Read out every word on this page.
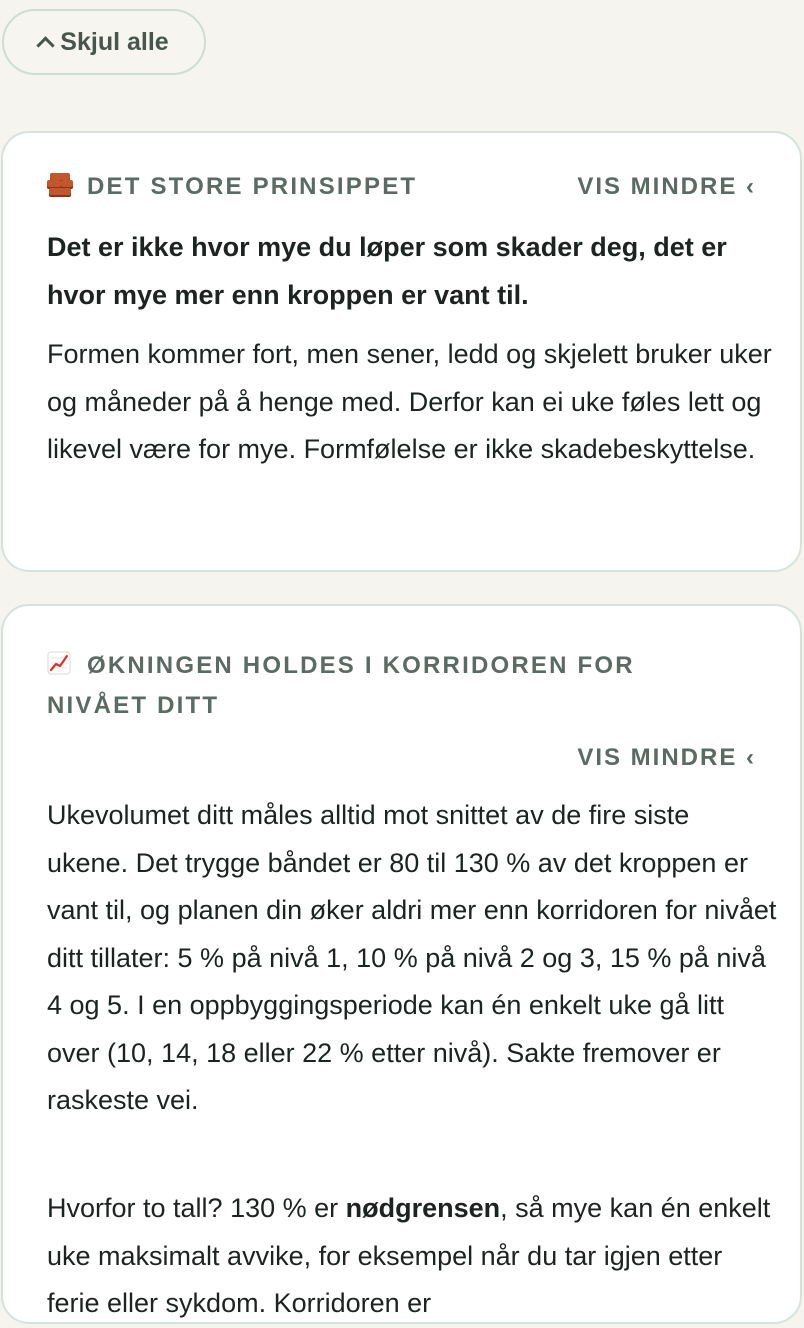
Skjul alle
DET STORE PRINSIPPET	VIS MINDRE ‹

Det er ikke hvor mye du løper som skader deg, det er hvor mye mer enn kroppen er vant til.

Formen kommer fort, men sener, ledd og skjelett bruker uker og måneder på å henge med. Derfor kan ei uke føles lett og likevel være for mye. Formfølelse er ikke skadebeskyttelse.

ØKNINGEN HOLDES I KORRIDOREN FOR NIVÅET DITT
VIS MINDRE ‹

Ukevolumet ditt måles alltid mot snittet av de fire siste ukene. Det trygge båndet er 80 til 130 % av det kroppen er vant til, og planen din øker aldri mer enn korridoren for nivået ditt tillater: 5 % på nivå 1, 10 % på nivå 2 og 3, 15 % på nivå 4 og 5. I en oppbyggingsperiode kan én enkelt uke gå litt over (10, 14, 18 eller 22 % etter nivå). Sakte fremover er raskeste vei.

Hvorfor to tall? 130 % er nødgrensen, så mye kan én enkelt uke maksimalt avvike, for eksempel når du tar igjen etter ferie eller sykdom. Korridoren er
